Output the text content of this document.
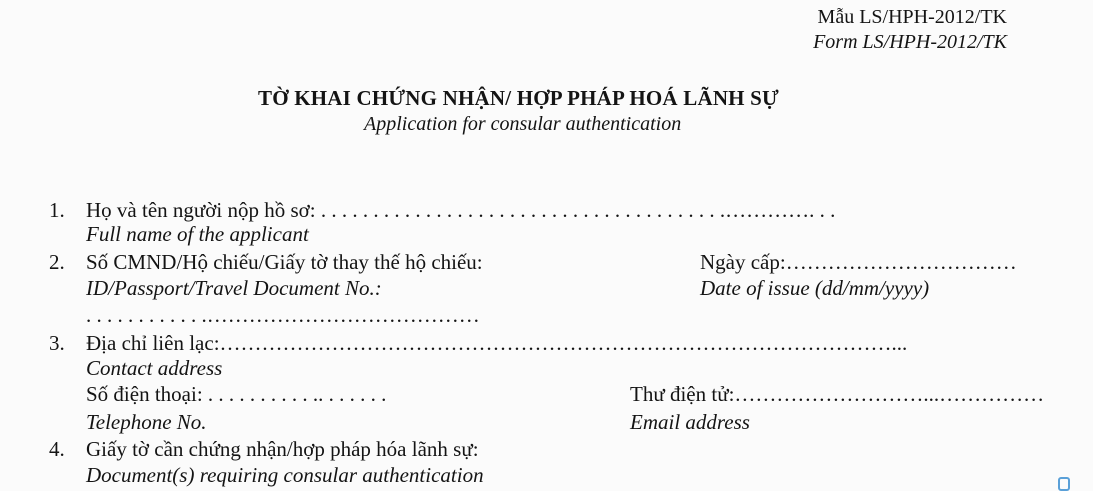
Mẫu LS/HPH-2012/TK
Form LS/HPH-2012/TK
TỜ KHAI CHỨNG NHẬN/ HỢP PHÁP HOÁ LÃNH SỰ
Application for consular authentication
1. Họ và tên người nộp hồ sơ: . . . . . . . . . . . . . . . . . . . . . . . . . . . . . . . . . . . . . . .…………. . .
Full name of the applicant
2. Số CMND/Hộ chiếu/Giấy tờ thay thế hộ chiếu:	Ngày cấp:……………………………
ID/Passport/Travel Document No.:	Date of issue (dd/mm/yyyy)
. . . . . . . . . . . .…………………………………
3. Địa chỉ liên lạc:……………………………………………………………………………………...
Contact address
Số điện thoại: . . . . . . . . . . .. . . . . . .	Thư điện tử:………………………...……………
Telephone No.	Email address
4. Giấy tờ cần chứng nhận/hợp pháp hóa lãnh sự:
Document(s) requiring consular authentication
